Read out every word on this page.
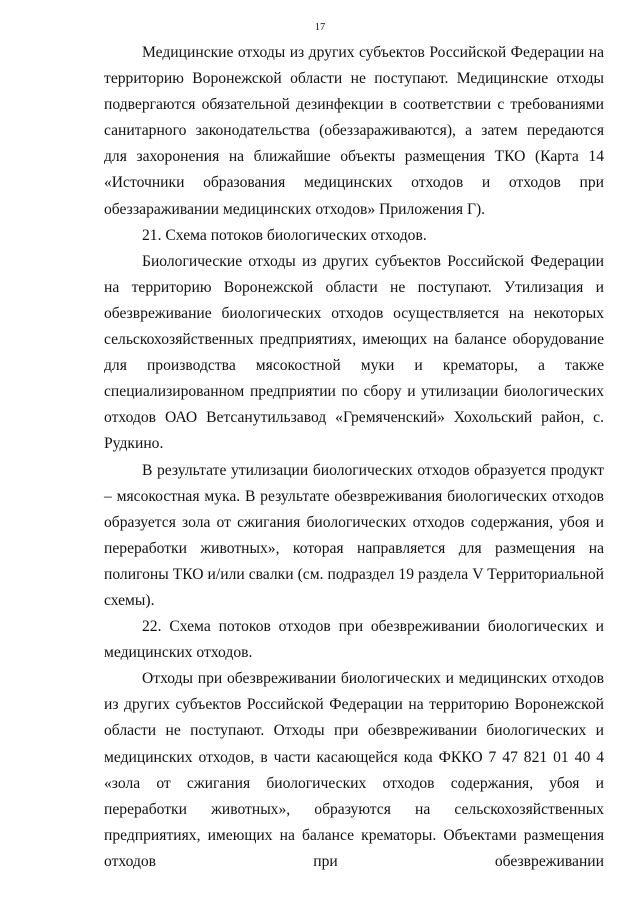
17

Медицинские отходы из других субъектов Российской Федерации на территорию Воронежской области не поступают. Медицинские отходы подвергаются обязательной дезинфекции в соответствии с требованиями санитарного законодательства (обеззараживаются), а затем передаются для захоронения на ближайшие объекты размещения ТКО (Карта 14 «Источники образования медицинских отходов и отходов при обеззараживании медицинских отходов» Приложения Г).

21. Схема потоков биологических отходов.

Биологические отходы из других субъектов Российской Федерации на территорию Воронежской области не поступают. Утилизация и обезвреживание биологических отходов осуществляется на некоторых сельскохозяйственных предприятиях, имеющих на балансе оборудование для производства мясокостной муки и крематоры, а также специализированном предприятии по сбору и утилизации биологических отходов ОАО Ветсанутильзавод «Гремяченский» Хохольский район, с. Рудкино.

В результате утилизации биологических отходов образуется продукт – мясокостная мука. В результате обезвреживания биологических отходов образуется зола от сжигания биологических отходов содержания, убоя и переработки животных», которая направляется для размещения на полигоны ТКО и/или свалки (см. подраздел 19 раздела V Территориальной схемы).

22. Схема потоков отходов при обезвреживании биологических и медицинских отходов.

Отходы при обезвреживании биологических и медицинских отходов из других субъектов Российской Федерации на территорию Воронежской области не поступают. Отходы при обезвреживании биологических и медицинских отходов, в части касающейся кода ФККО 7 47 821 01 40 4 «зола от сжигания биологических отходов содержания, убоя и переработки животных», образуются на сельскохозяйственных предприятиях, имеющих на балансе крематоры. Объектами размещения отходов при обезвреживании
